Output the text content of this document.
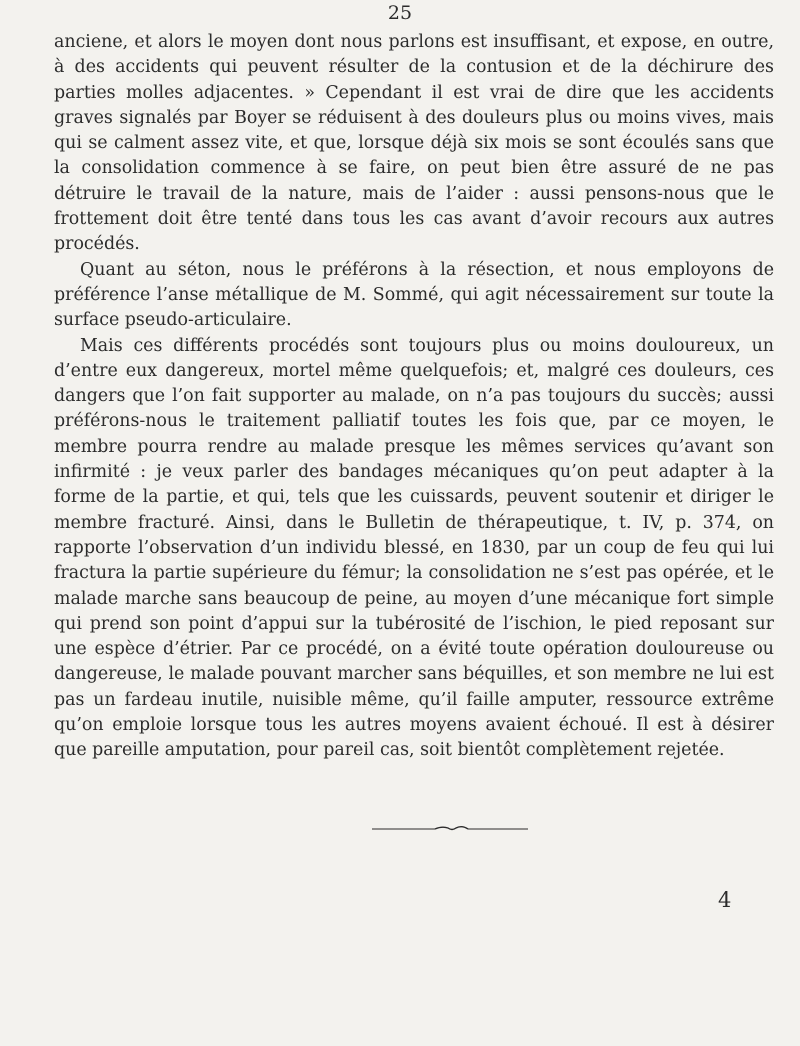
25

anciene, et alors le moyen dont nous parlons est insuffisant, et expose, en outre, à des accidents qui peuvent résulter de la contusion et de la déchirure des parties molles adjacentes. » Cependant il est vrai de dire que les accidents graves signalés par Boyer se réduisent à des douleurs plus ou moins vives, mais qui se calment assez vite, et que, lorsque déjà six mois se sont écoulés sans que la consolidation commence à se faire, on peut bien être assuré de ne pas détruire le travail de la nature, mais de l’aider : aussi pensons-nous que le frottement doit être tenté dans tous les cas avant d’avoir recours aux autres procédés.

Quant au séton, nous le préférons à la résection, et nous employons de préférence l’anse métallique de M. Sommé, qui agit nécessairement sur toute la surface pseudo-articulaire.

Mais ces différents procédés sont toujours plus ou moins douloureux, un d’entre eux dangereux, mortel même quelquefois; et, malgré ces douleurs, ces dangers que l’on fait supporter au malade, on n’a pas toujours du succès; aussi préférons-nous le traitement palliatif toutes les fois que, par ce moyen, le membre pourra rendre au malade presque les mêmes services qu’avant son infirmité : je veux parler des bandages mécaniques qu’on peut adapter à la forme de la partie, et qui, tels que les cuissards, peuvent soutenir et diriger le membre fracturé. Ainsi, dans le Bulletin de thérapeutique, t. IV, p. 374, on rapporte l’observation d’un individu blessé, en 1830, par un coup de feu qui lui fractura la partie supérieure du fémur; la consolidation ne s’est pas opérée, et le malade marche sans beaucoup de peine, au moyen d’une mécanique fort simple qui prend son point d’appui sur la tubérosité de l’ischion, le pied reposant sur une espèce d’étrier. Par ce procédé, on a évité toute opération douloureuse ou dangereuse, le malade pouvant marcher sans béquilles, et son membre ne lui est pas un fardeau inutile, nuisible même, qu’il faille amputer, ressource extrême qu’on emploie lorsque tous les autres moyens avaient échoué. Il est à désirer que pareille amputation, pour pareil cas, soit bientôt complètement rejetée.

4
